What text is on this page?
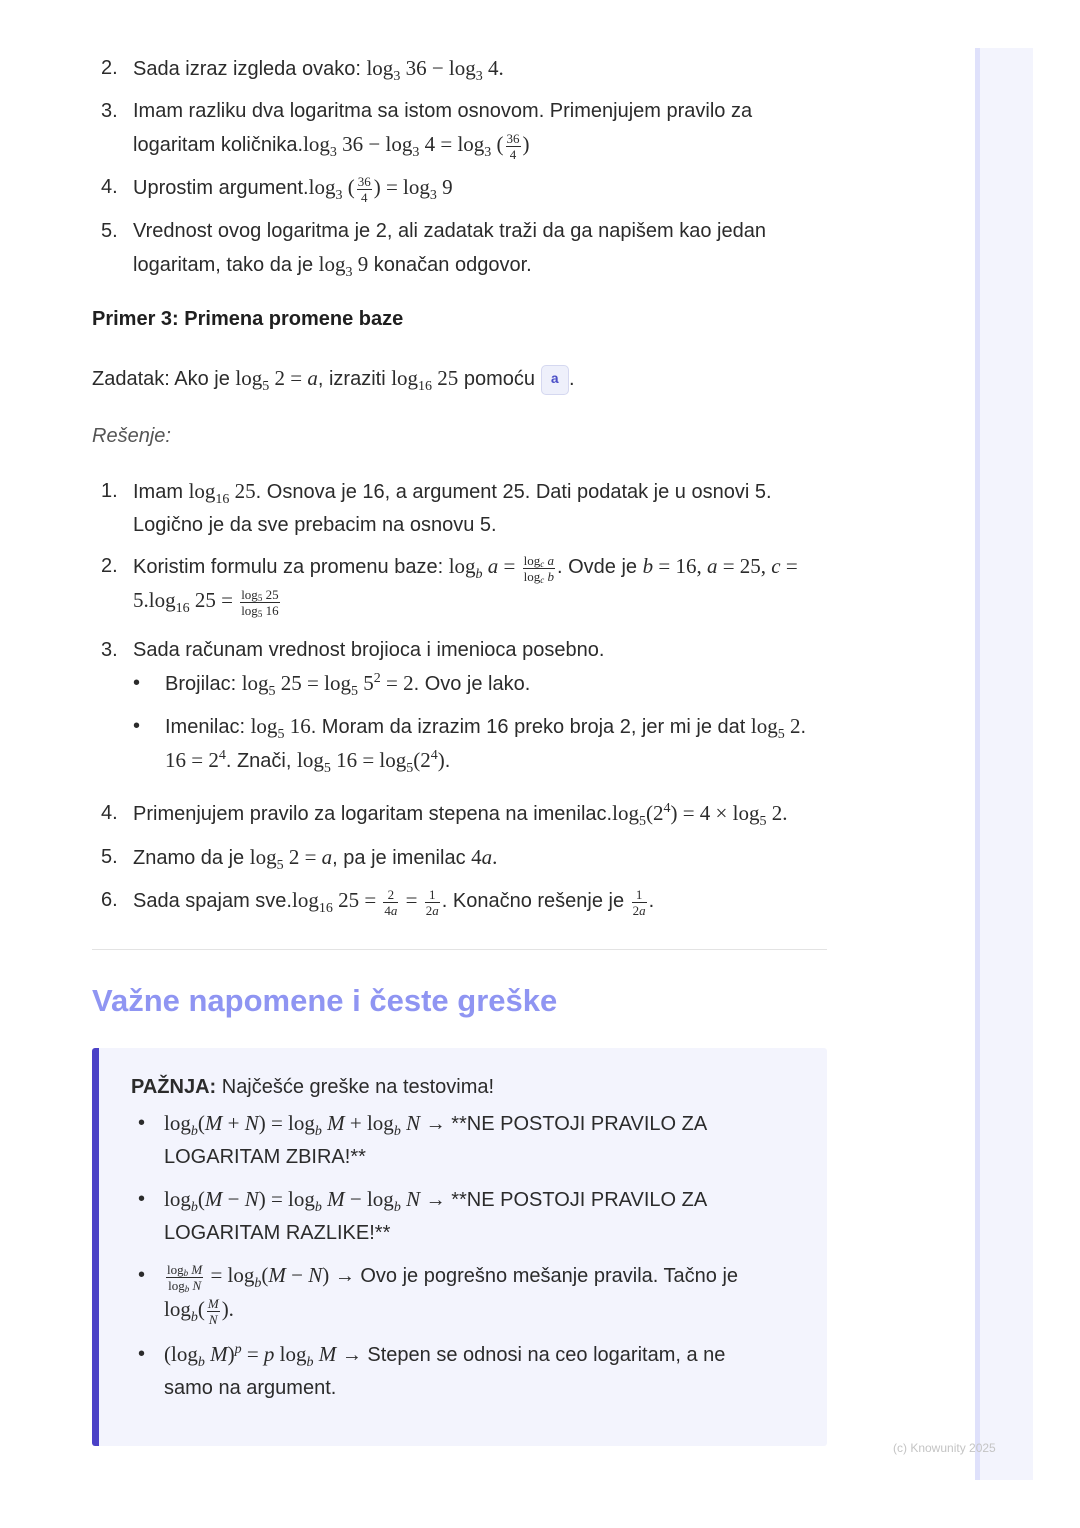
(c) Knowunity 2025
2. Sada izraz izgleda ovako: $\log_3 36 - \log_3 4$.
3. Imam razliku dva logaritma sa istom osnovom. Primenjujem pravilo za
logaritam $količnika.\log_3$ $36 - \log_3 4 = \log_3$ ( $\frac{36}{4}$ )
4. Uprostim $argument.\log_3$ ( $\frac{36}{4}$ ) = $\log_3 9$
5. Vrednost ovog logaritma je 2, ali zadatak traži da ga napišem kao jedan
logaritam, tako da je $\log_3 9$ konačan odgovor.
Primer 3: Primena promene baze
Zadatak: Ako je $\log_5 2 = a$, izraziti $\log_{16} 25$ pomoću a .
Rešenje:
1. Imam $\log_{16} 25$. Osnova je 16, a argument 25. Dati podatak je u osnovi 5.
Logično je da sve prebacim na osnovu 5.
2. Koristim formulu za promenu baze: $\log_b a = \frac{\log_c a}{\log_c b}$ . Ovde je b = 16, a = 25, c =
$5.\log_{16}$ $25 = \frac{\log_5 25}{\log_5 16}$
3. Sada računam vrednost brojioca i imenioca posebno.
•	Brojilac: $\log_5 25 = \log_5 5^2 = 2$. Ovo je lako.
•	Imenilac: $\log_5 16$. Moram da izrazim 16 preko broja 2, jer mi je dat $\log_5 2$.
$16 = 2^4$. Znači, $\log_5 16 = \log_5(2^4)$.
4. Primenjujem pravilo za logaritam stepena na $imenilac.\log_5(2^4) = 4 \times \log_5 2$.
5. Znamo da je $\log_5 2 = a$, pa je imenilac 4a.
6. Sada spajam $sve.\log_{16}$ $25 = \frac{2}{4a} = \frac{1}{2a}$ . Konačno rešenje je $\frac{1}{2a}$ .
Važne napomene i česte greške
PAŽNJA: Najčešće greške na testovima!
• $\log_b(M + N) = \log_b M + \log_b N \to **NE$ POSTOJI PRAVILO ZA
LOGARITAM ZBIRA!**
• $\log_b(M - N) = \log_b M - \log_b N \to **NE$ POSTOJI PRAVILO ZA
LOGARITAM RAZLIKE!**
• $\frac{\log_b M}{\log_b N} = \log_b(M - N)$ → Ovo je pogrešno mešanje pravila. Tačno je
$\log_b( \frac{M}{N}$ ).
• ($\log_b$ M)$^p$ = p $\log_b M$ → Stepen se odnosi na ceo logaritam, a ne
samo na argument.
